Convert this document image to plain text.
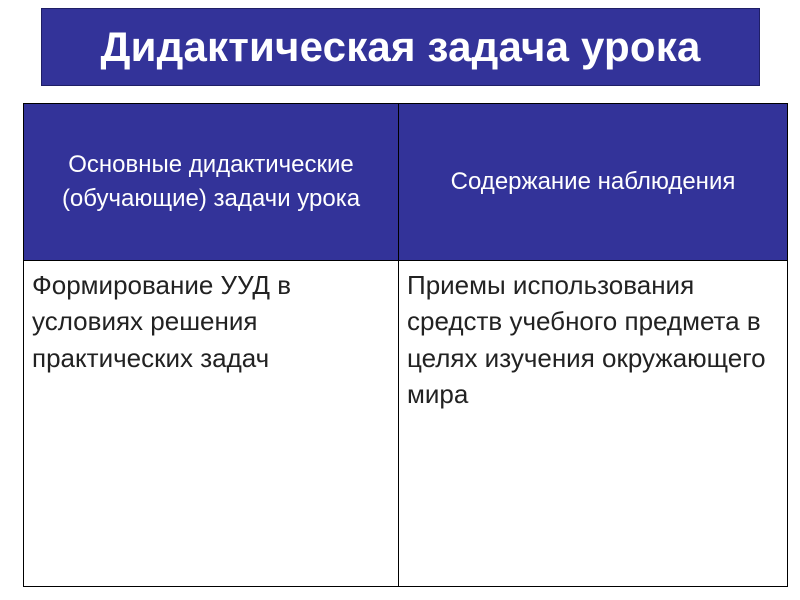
Дидактическая задача урока
Основные дидактические (обучающие) задачи урока	Содержание наблюдения
Формирование УУД в условиях решения практических задач	Приемы использования средств учебного предмета в целях изучения окружающего мира
